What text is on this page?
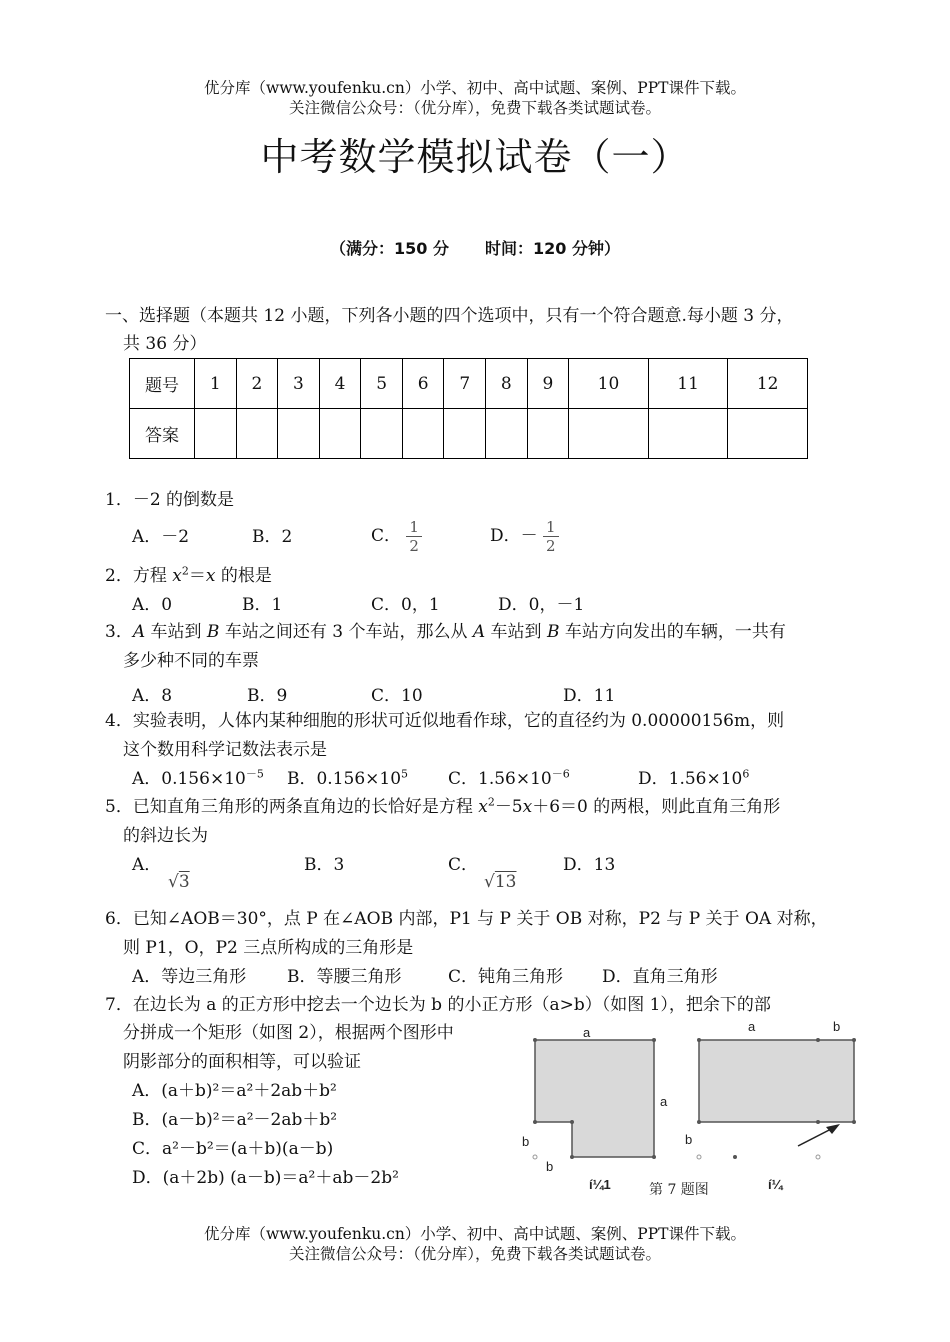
优分库（www.youfenku.cn）小学、初中、高中试题、案例、PPT课件下载。
关注微信公众号：（优分库），免费下载各类试题试卷。
中考数学模拟试卷（一）
（满分：150 分 时间：120 分钟）
一、选择题（本题共 12 小题，下列各小题的四个选项中，只有一个符合题意.每小题 3 分，
共 36 分）
题号	1	2	3	4	5	6	7	8	9	10	11	12
答案												
1．－2 的倒数是
A．－2	B．2	C． $\frac{1}{2}$	D．－ $\frac{1}{2}$
2．方程 $x^2=x$ 的根是
A．0	B．1	C．0，1	D．0，－1
3．A 车站到 B 车站之间还有 3 个车站，那么从 A 车站到 B 车站方向发出的车辆，一共有
多少种不同的车票
A．8	B．9	C．10	D．11
4．实验表明，人体内某种细胞的形状可近似地看作球，它的直径约为 0.00000156m，则
这个数用科学记数法表示是
A．$0.156\times 10^{-5}$ B．$0.156\times 10^5$ C．$1.56\times 10^{-6}$	D．$1.56\times 10^6$
5．已知直角三角形的两条直角边的长恰好是方程 $x^2-5x+6=0$ 的两根，则此直角三角形
的斜边长为
A．
√3
B．3	C．
√13
D．13
6．已知∠AOB＝30°，点 P 在∠AOB 内部，P1 与 P 关于 OB 对称，P2 与 P 关于 OA 对称，
则 P1，O，P2 三点所构成的三角形是
A．等边三角形 B．等腰三角形	C．钝角三角形 D．直角三角形
7．在边长为 a 的正方形中挖去一个边长为 b 的小正方形（a>b）（如图 1），把余下的部
分拼成一个矩形（如图 2），根据两个图形中
阴影部分的面积相等，可以验证
A．(a＋b)²＝a²＋2ab＋b²
B．(a－b)²＝a²－2ab＋b²
C．a²－b²＝(a＋b)(a－b)
D．(a＋2b) (a－b)＝a²＋ab－2b²
a
a
b
b
í¼1
a	b
b
í¼
第 7 题图
优分库（www.youfenku.cn）小学、初中、高中试题、案例、PPT课件下载。
关注微信公众号：（优分库），免费下载各类试题试卷。
